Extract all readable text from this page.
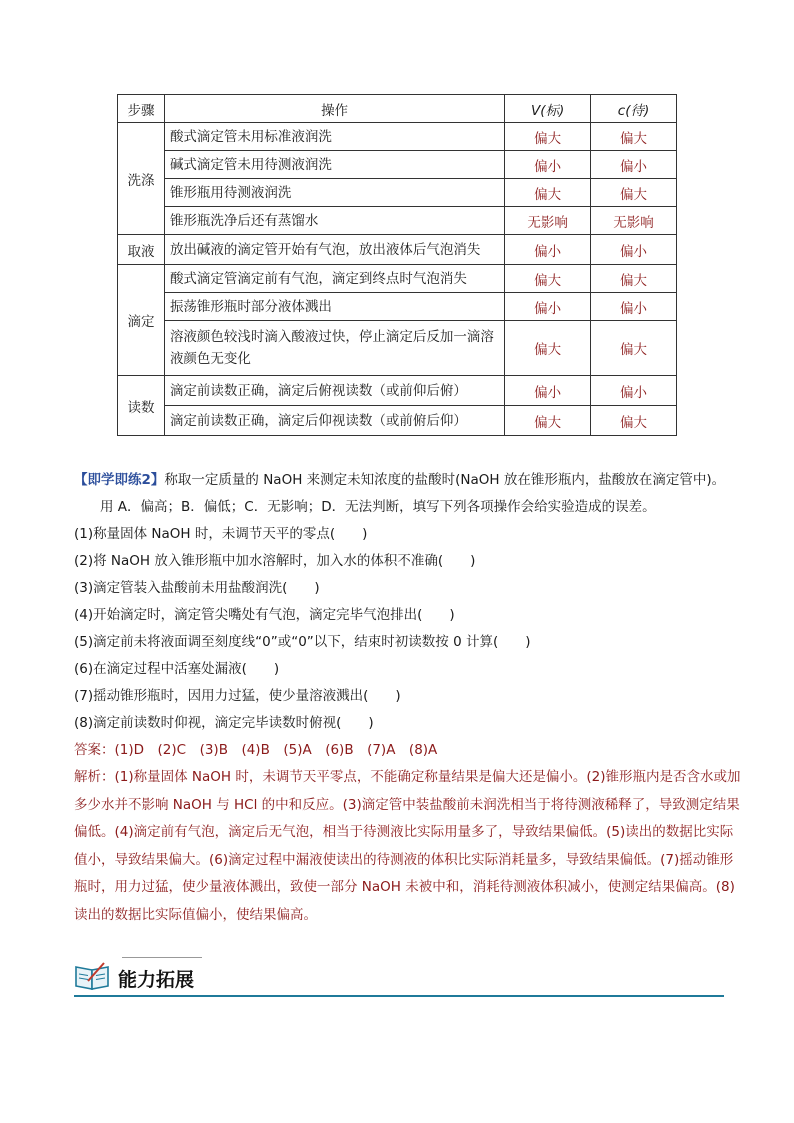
步骤	操作	V(标)	c(待)
洗涤	酸式滴定管未用标准液润洗	偏大	偏大
	碱式滴定管未用待测液润洗	偏小	偏小
	锥形瓶用待测液润洗	偏大	偏大
	锥形瓶洗净后还有蒸馏水	无影响	无影响
取液	放出碱液的滴定管开始有气泡，放出液体后气泡消失	偏小	偏小
滴定	酸式滴定管滴定前有气泡，滴定到终点时气泡消失	偏大	偏大
	振荡锥形瓶时部分液体溅出	偏小	偏小
	溶液颜色较浅时滴入酸液过快，停止滴定后反加一滴溶液颜色无变化	偏大	偏大
读数	滴定前读数正确，滴定后俯视读数（或前仰后俯）	偏小	偏小
	滴定前读数正确，滴定后仰视读数（或前俯后仰）	偏大	偏大
【即学即练2】称取一定质量的 NaOH 来测定未知浓度的盐酸时(NaOH 放在锥形瓶内，盐酸放在滴定管中)。
用 A．偏高；B．偏低；C．无影响；D．无法判断，填写下列各项操作会给实验造成的误差。
(1)称量固体 NaOH 时，未调节天平的零点(　　)
(2)将 NaOH 放入锥形瓶中加水溶解时，加入水的体积不准确(　　)
(3)滴定管装入盐酸前未用盐酸润洗(　　)
(4)开始滴定时，滴定管尖嘴处有气泡，滴定完毕气泡排出(　　)
(5)滴定前未将液面调至刻度线“0”或“0”以下，结束时初读数按 0 计算(　　)
(6)在滴定过程中活塞处漏液(　　)
(7)摇动锥形瓶时，因用力过猛，使少量溶液溅出(　　)
(8)滴定前读数时仰视，滴定完毕读数时俯视(　　)
答案：(1)D　(2)C　(3)B　(4)B　(5)A　(6)B　(7)A　(8)A
解析：(1)称量固体 NaOH 时，未调节天平零点，不能确定称量结果是偏大还是偏小。(2)锥形瓶内是否含水或加多少水并不影响 NaOH 与 HCl 的中和反应。(3)滴定管中装盐酸前未润洗相当于将待测液稀释了，导致测定结果偏低。(4)滴定前有气泡，滴定后无气泡，相当于待测液比实际用量多了，导致结果偏低。(5)读出的数据比实际值小，导致结果偏大。(6)滴定过程中漏液使读出的待测液的体积比实际消耗量多，导致结果偏低。(7)摇动锥形瓶时，用力过猛，使少量液体溅出，致使一部分 NaOH 未被中和，消耗待测液体积减小，使测定结果偏高。(8)读出的数据比实际值偏小，使结果偏高。
能力拓展
